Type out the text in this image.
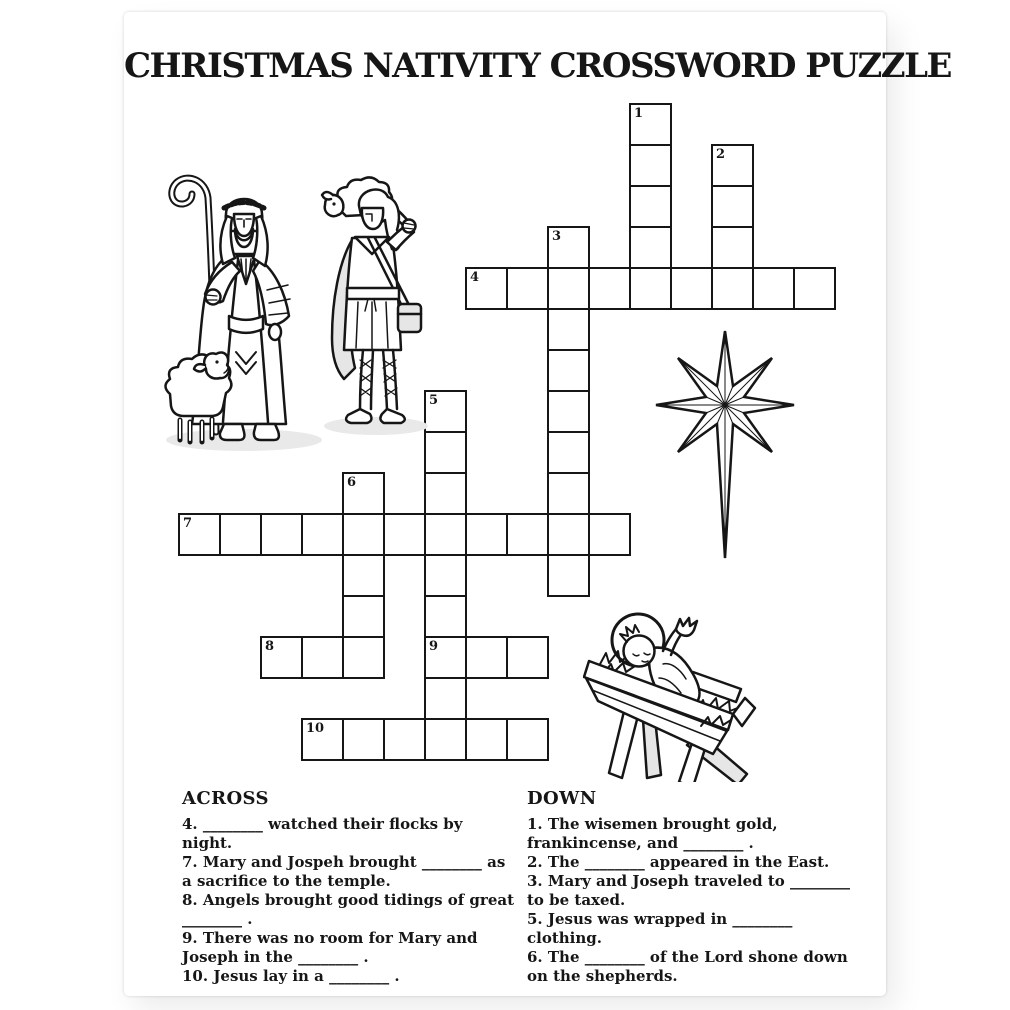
CHRISTMAS NATIVITY CROSSWORD PUZZLE
4
7
8	9
10
1
2
3
5
6
ACROSS

4. ________ watched their flocks by night.

7. Mary and Jospeh brought ________ as a sacrifice to the temple.

8. Angels brought good tidings of great ________ .

9. There was no room for Mary and Joseph in the ________ .

10. Jesus lay in a ________ .

DOWN

1. The wisemen brought gold, frankincense, and ________ .

2. The ________ appeared in the East.

3. Mary and Joseph traveled to ________ to be taxed.

5. Jesus was wrapped in ________ clothing.

6. The ________ of the Lord shone down on the shepherds.
